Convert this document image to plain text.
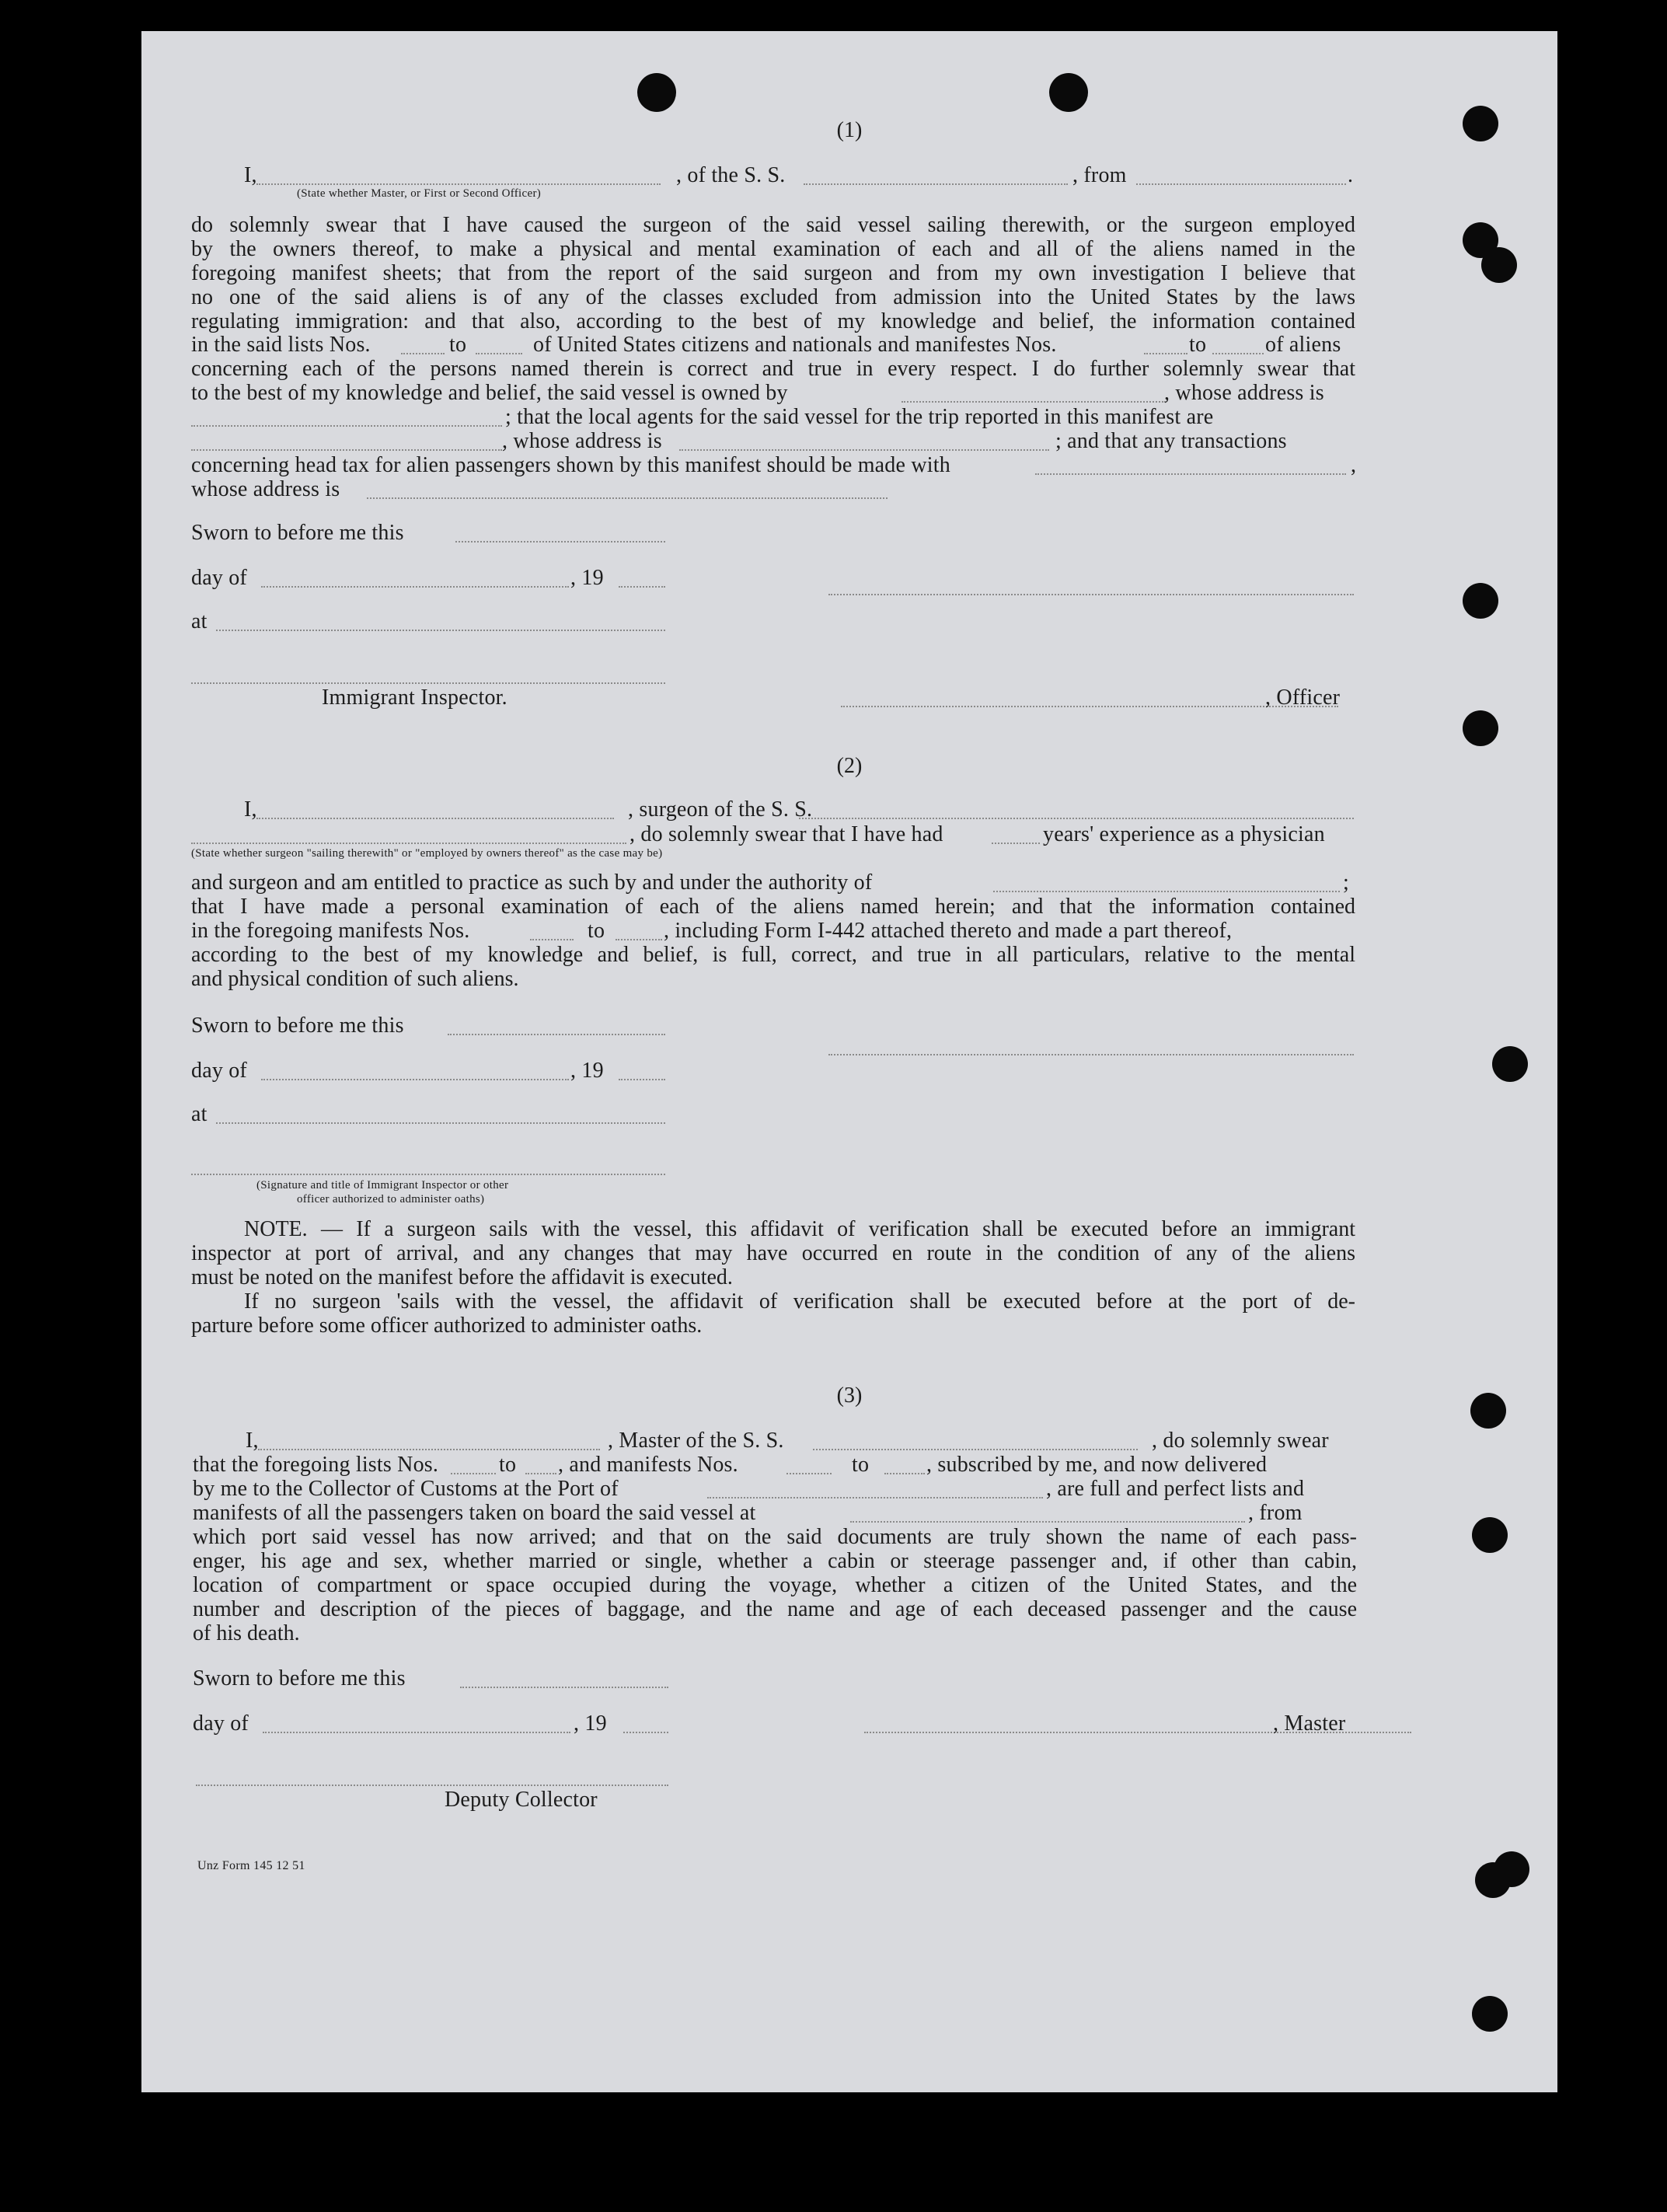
(1)
I,	, of the S. S.	, from	.
(State whether Master, or First or Second Officer)
do solemnly swear that I have caused the surgeon of the said vessel sailing therewith, or the surgeon employed
by the owners thereof, to make a physical and mental examination of each and all of the aliens named in the
foregoing manifest sheets; that from the report of the said surgeon and from my own investigation I believe that
no one of the said aliens is of any of the classes excluded from admission into the United States by the laws
regulating immigration: and that also, according to the best of my knowledge and belief, the information contained
in the said lists Nos.	to	of United States citizens and nationals and manifestes Nos.	to	of aliens
concerning each of the persons named therein is correct and true in every respect. I do further solemnly swear that
to the best of my knowledge and belief, the said vessel is owned by	, whose address is
; that the local agents for the said vessel for the trip reported in this manifest are
, whose address is	; and that any transactions
concerning head tax for alien passengers shown by this manifest should be made with	,
whose address is
Sworn to before me this
day of	, 19
at
Immigrant Inspector.	, Officer
(2)
I,	, surgeon of the S. S.
, do solemnly swear that I have had	years' experience as a physician
(State whether surgeon "sailing therewith" or "employed by owners thereof" as the case may be)
and surgeon and am entitled to practice as such by and under the authority of	;
that I have made a personal examination of each of the aliens named herein; and that the information contained
in the foregoing manifests Nos.	to	, including Form I-442 attached thereto and made a part thereof,
according to the best of my knowledge and belief, is full, correct, and true in all particulars, relative to the mental
and physical condition of such aliens.
Sworn to before me this
day of	, 19
at
(Signature and title of Immigrant Inspector or other
officer authorized to administer oaths)
NOTE. — If a surgeon sails with the vessel, this affidavit of verification shall be executed before an immigrant
inspector at port of arrival, and any changes that may have occurred en route in the condition of any of the aliens
must be noted on the manifest before the affidavit is executed.
If no surgeon 'sails with the vessel, the affidavit of verification shall be executed before at the port of de-
parture before some officer authorized to administer oaths.
(3)
I,	, Master of the S. S.	, do solemnly swear
that the foregoing lists Nos.	to , and manifests Nos.	to	, subscribed by me, and now delivered
by me to the Collector of Customs at the Port of	, are full and perfect lists and
manifests of all the passengers taken on board the said vessel at	, from
which port said vessel has now arrived; and that on the said documents are truly shown the name of each pass-
enger, his age and sex, whether married or single, whether a cabin or steerage passenger and, if other than cabin,
location of compartment or space occupied during the voyage, whether a citizen of the United States, and the
number and description of the pieces of baggage, and the name and age of each deceased passenger and the cause
of his death.
Sworn to before me this
day of	, 19	, Master
Deputy Collector
Unz Form 145 12 51
